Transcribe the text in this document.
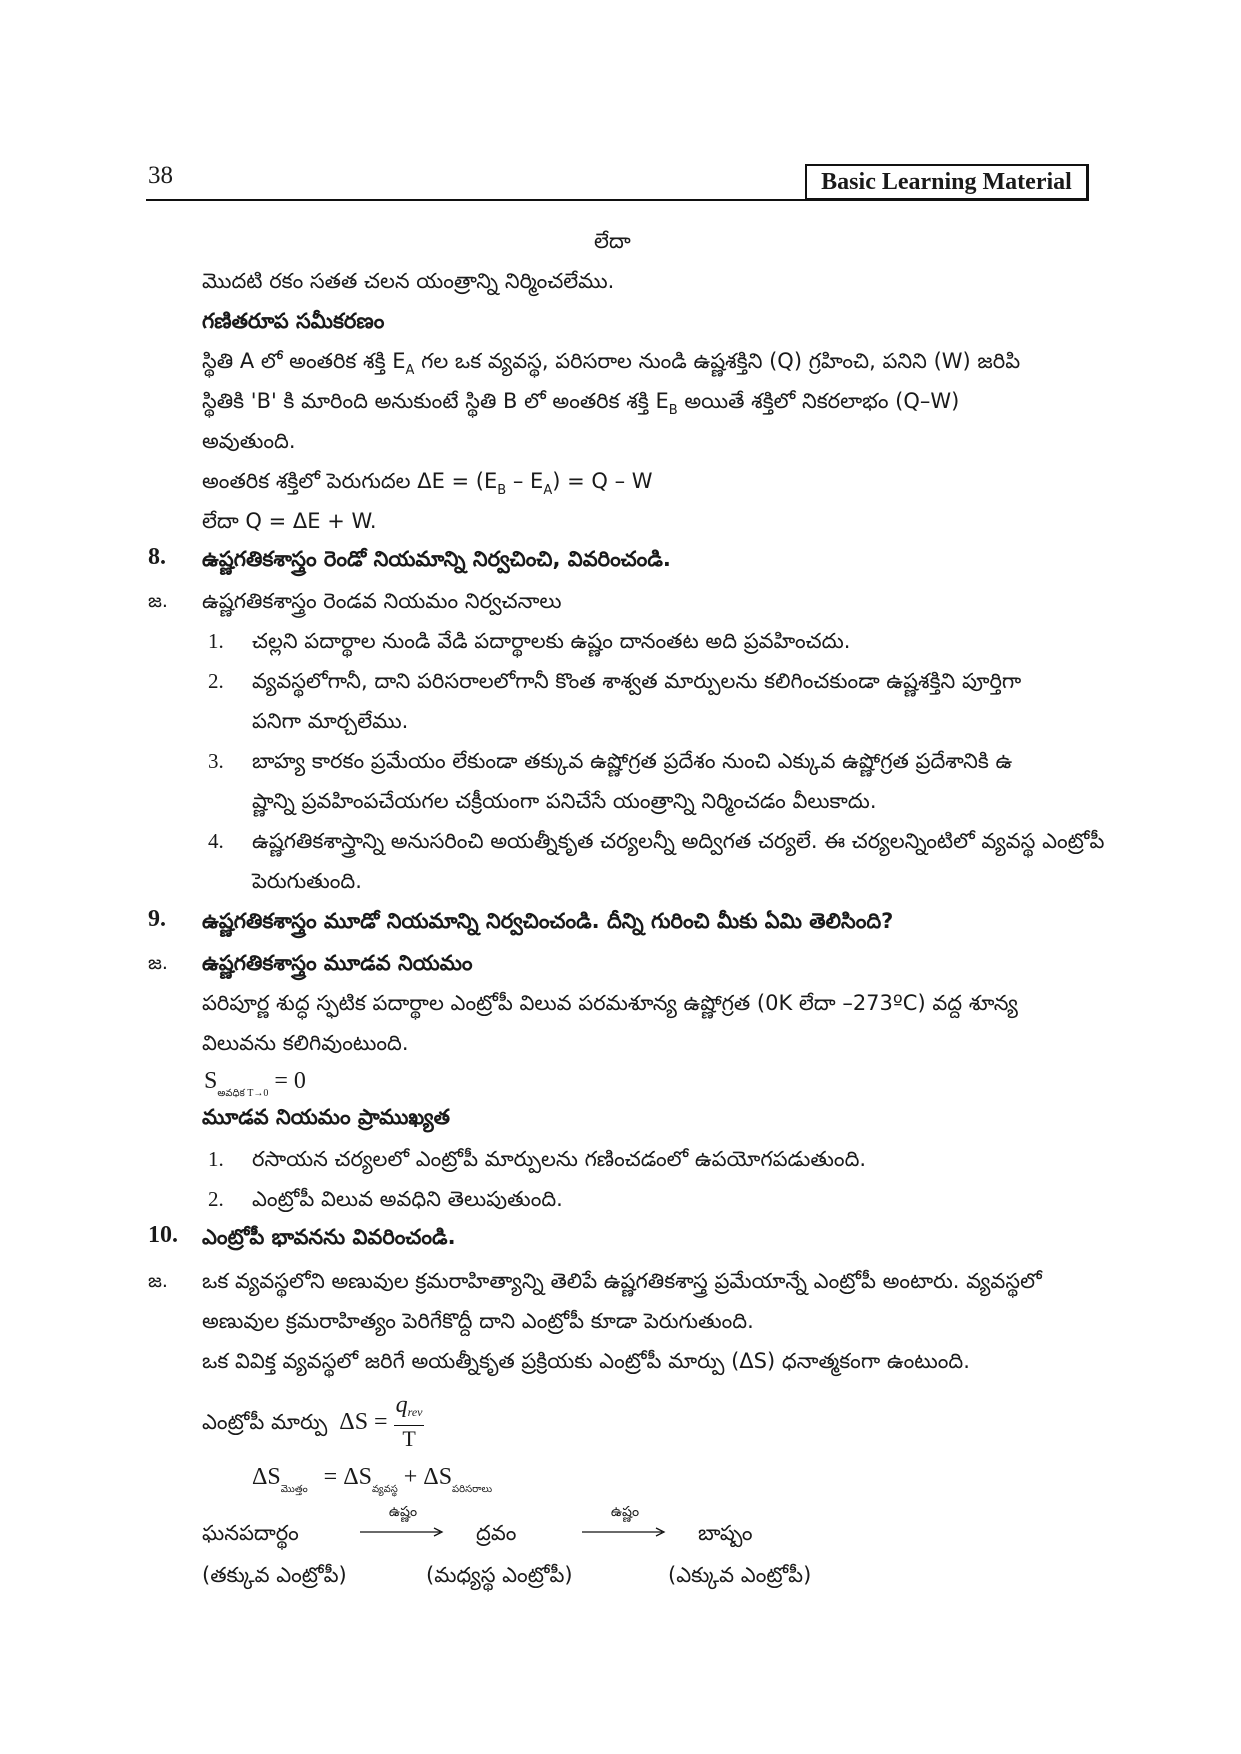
38	Basic Learning Material
లేదా
మొదటి రకం సతత చలన యంత్రాన్ని నిర్మించలేము.
గణితరూప సమీకరణం
స్థితి A లో అంతరిక శక్తి $E_A$ గల ఒక వ్యవస్థ, పరిసరాల నుండి ఉష్ణశక్తిని (Q) గ్రహించి, పనిని (W) జరిపి
స్థితికి 'B' కి మారింది అనుకుంటే స్థితి B లో అంతరిక శక్తి $E_B$ అయితే శక్తిలో నికరలాభం (Q–W)
అవుతుంది.
అంతరిక శక్తిలో పెరుగుదల $\Delta E = (E_B - E_A) = Q - W$
లేదా Q = ΔE + W.
8. ఉష్ణగతికశాస్త్రం రెండో నియమాన్ని నిర్వచించి, వివరించండి.
జ. ఉష్ణగతికశాస్త్రం రెండవ నియమం నిర్వచనాలు
1. చల్లని పదార్థాల నుండి వేడి పదార్థాలకు ఉష్ణం దానంతట అది ప్రవహించదు.
2. వ్యవస్థలోగానీ, దాని పరిసరాలలోగానీ కొంత శాశ్వత మార్పులను కలిగించకుండా ఉష్ణశక్తిని పూర్తిగా
పనిగా మార్చలేము.
3. బాహ్య కారకం ప్రమేయం లేకుండా తక్కువ ఉష్ణోగ్రత ప్రదేశం నుంచి ఎక్కువ ఉష్ణోగ్రత ప్రదేశానికి ఉ
ష్ణాన్ని ప్రవహింపచేయగల చక్రీయంగా పనిచేసే యంత్రాన్ని నిర్మించడం వీలుకాదు.
4. ఉష్ణగతికశాస్త్రాన్ని అనుసరించి అయత్నీకృత చర్యలన్నీ అద్విగత చర్యలే. ఈ చర్యలన్నింటిలో వ్యవస్థ ఎంట్రోపీ
పెరుగుతుంది.
9. ఉష్ణగతికశాస్త్రం మూడో నియమాన్ని నిర్వచించండి. దీన్ని గురించి మీకు ఏమి తెలిసింది?
జ. ఉష్ణగతికశాస్త్రం మూడవ నియమం
పరిపూర్ణ శుద్ధ స్ఫటిక పదార్థాల ఎంట్రోపీ విలువ పరమశూన్య ఉష్ణోగ్రత (0K లేదా –273ºC) వద్ద శూన్య
విలువను కలిగివుంటుంది.
$S_{అవధిక T\to 0} = 0$
మూడవ నియమం ప్రాముఖ్యత
1. రసాయన చర్యలలో ఎంట్రోపీ మార్పులను గణించడంలో ఉపయోగపడుతుంది.
2. ఎంట్రోపీ విలువ అవధిని తెలుపుతుంది.
10. ఎంట్రోపీ భావనను వివరించండి.
జ. ఒక వ్యవస్థలోని అణువుల క్రమరాహిత్యాన్ని తెలిపే ఉష్ణగతికశాస్త్ర ప్రమేయాన్నే ఎంట్రోపీ అంటారు. వ్యవస్థలో
అణువుల క్రమరాహిత్యం పెరిగేకొద్దీ దాని ఎంట్రోపీ కూడా పెరుగుతుంది.
ఒక వివిక్త వ్యవస్థలో జరిగే అయత్నీకృత ప్రక్రియకు ఎంట్రోపీ మార్పు (ΔS) ధనాత్మకంగా ఉంటుంది.
ఎంట్రోపీ మార్పు $\Delta S = \frac{\text{qrev}}{T}$
$\Delta S_{మొత్తం} = \Delta S_{వ్యవస్థ} + \Delta S_{పరిసరాలు}$
ఘనపదార్థం
ఉష్ణం
ద్రవం
ఉష్ణం
బాష్పం
(తక్కువ ఎంట్రోపీ)	(మధ్యస్థ ఎంట్రోపీ)	(ఎక్కువ ఎంట్రోపీ)
